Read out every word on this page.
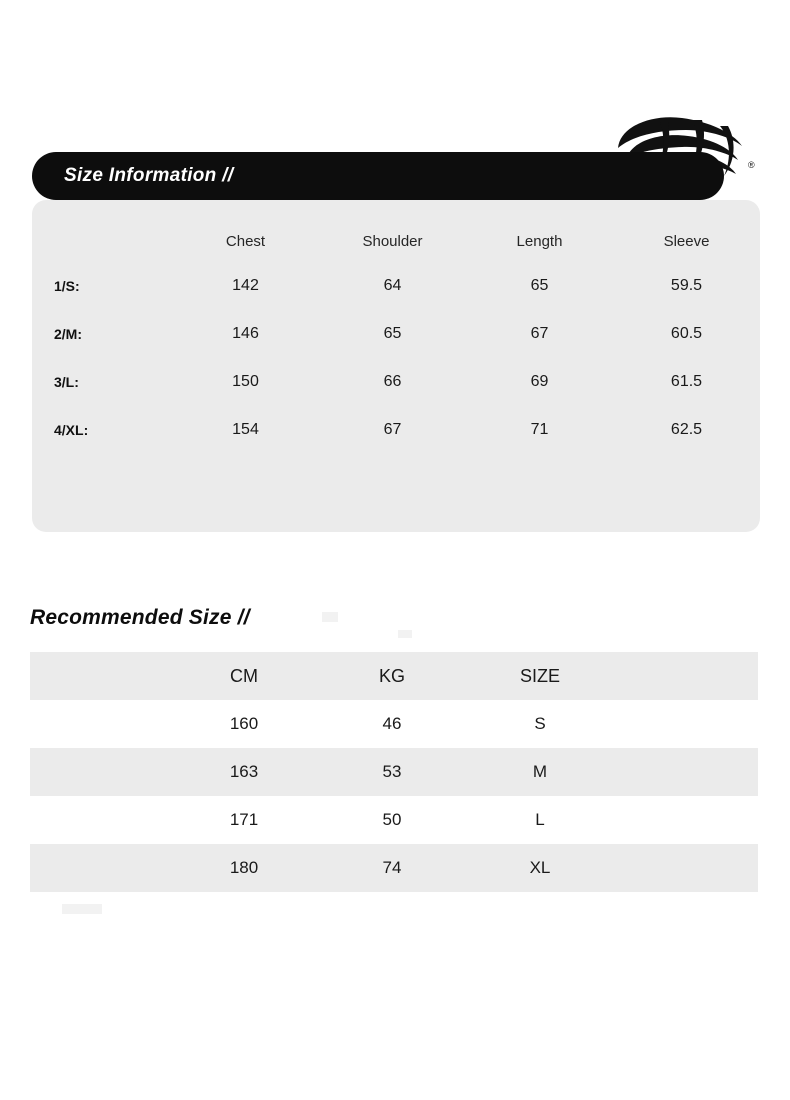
®
Size Information //
	Chest	Shoulder	Length	Sleeve
1/S:	142	64	65	59.5
2/M:	146	65	67	60.5
3/L:	150	66	69	61.5
4/XL:	154	67	71	62.5
Recommended Size //
	CM	KG	SIZE	
	160	46	S	
	163	53	M	
	171	50	L	
	180	74	XL	
